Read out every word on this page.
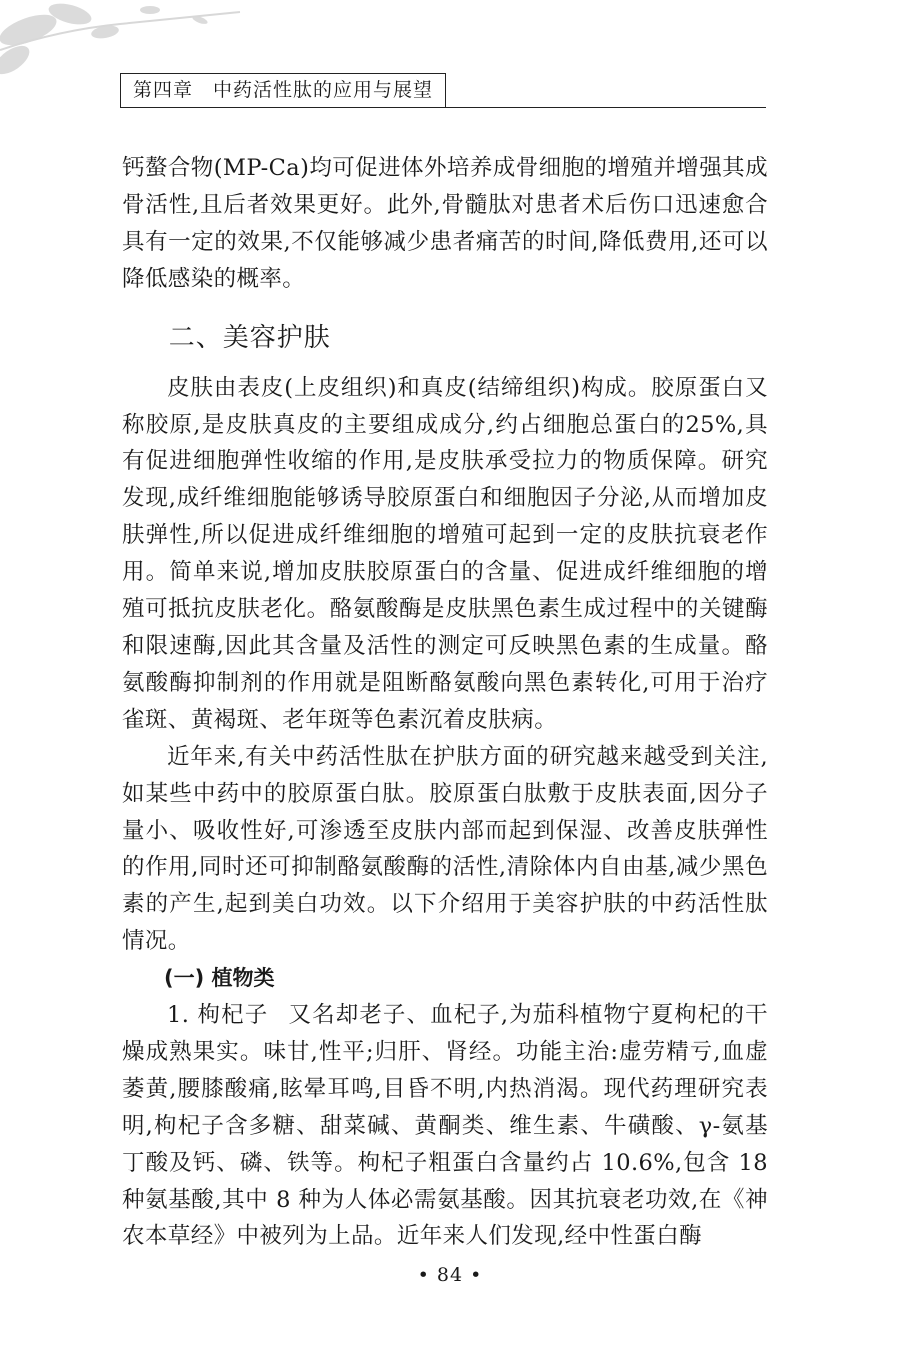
第四章　中药活性肽的应用与展望

钙螯合物(MP-Ca)均可促进体外培养成骨细胞的增殖并增强其成骨活性,且后者效果更好。此外,骨髓肽对患者术后伤口迅速愈合具有一定的效果,不仅能够减少患者痛苦的时间,降低费用,还可以降低感染的概率。

二、美容护肤

皮肤由表皮(上皮组织)和真皮(结缔组织)构成。胶原蛋白又称胶原,是皮肤真皮的主要组成成分,约占细胞总蛋白的25%,具有促进细胞弹性收缩的作用,是皮肤承受拉力的物质保障。研究发现,成纤维细胞能够诱导胶原蛋白和细胞因子分泌,从而增加皮肤弹性,所以促进成纤维细胞的增殖可起到一定的皮肤抗衰老作用。简单来说,增加皮肤胶原蛋白的含量、促进成纤维细胞的增殖可抵抗皮肤老化。酪氨酸酶是皮肤黑色素生成过程中的关键酶和限速酶,因此其含量及活性的测定可反映黑色素的生成量。酪氨酸酶抑制剂的作用就是阻断酪氨酸向黑色素转化,可用于治疗雀斑、黄褐斑、老年斑等色素沉着皮肤病。

近年来,有关中药活性肽在护肤方面的研究越来越受到关注,如某些中药中的胶原蛋白肽。胶原蛋白肽敷于皮肤表面,因分子量小、吸收性好,可渗透至皮肤内部而起到保湿、改善皮肤弹性的作用,同时还可抑制酪氨酸酶的活性,清除体内自由基,减少黑色素的产生,起到美白功效。以下介绍用于美容护肤的中药活性肽情况。

(一) 植物类

1. 枸杞子 又名却老子、血杞子,为茄科植物宁夏枸杞的干燥成熟果实。味甘,性平;归肝、肾经。功能主治:虚劳精亏,血虚萎黄,腰膝酸痛,眩晕耳鸣,目昏不明,内热消渴。现代药理研究表明,枸杞子含多糖、甜菜碱、黄酮类、维生素、牛磺酸、γ-氨基丁酸及钙、磷、铁等。枸杞子粗蛋白含量约占 10.6%,包含 18种氨基酸,其中 8 种为人体必需氨基酸。因其抗衰老功效,在《神农本草经》中被列为上品。近年来人们发现,经中性蛋白酶

• 84 •
